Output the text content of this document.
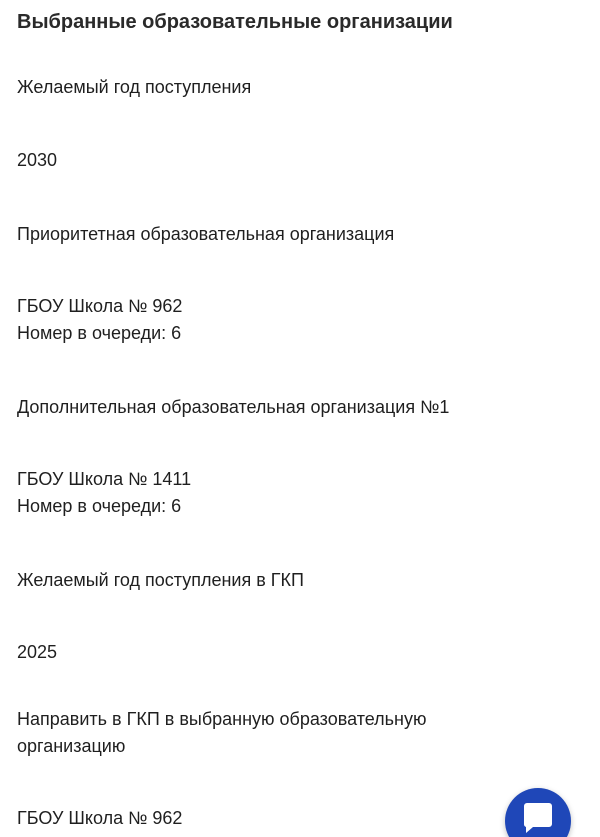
Выбранные образовательные организации
Желаемый год поступления
2030
Приоритетная образовательная организация
ГБОУ Школа № 962
Номер в очереди: 6
Дополнительная образовательная организация №1
ГБОУ Школа № 1411
Номер в очереди: 6
Желаемый год поступления в ГКП
2025
Направить в ГКП в выбранную образовательную организацию
ГБОУ Школа № 962
